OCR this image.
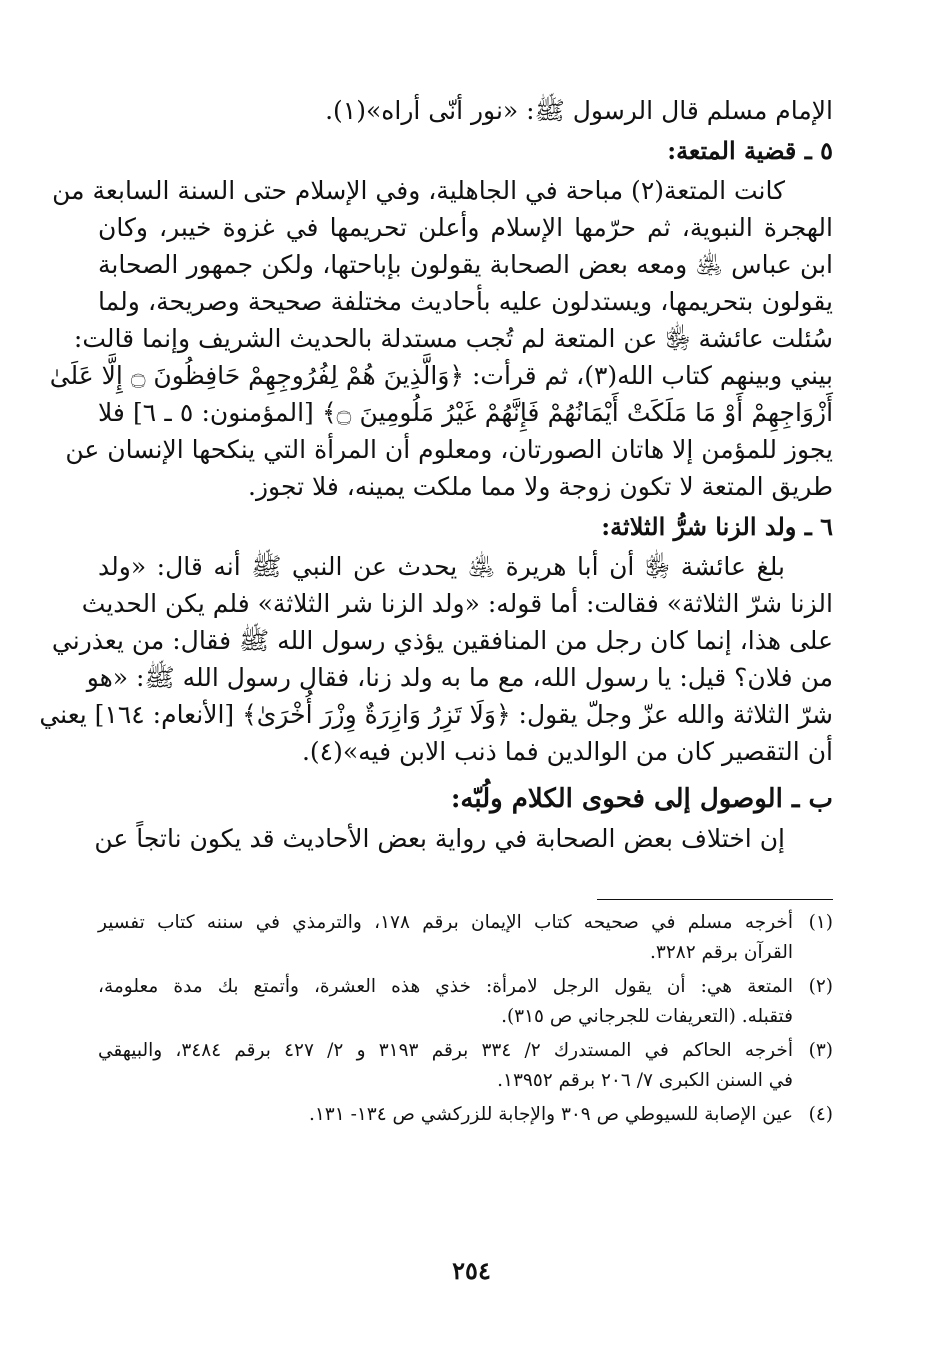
الإمام مسلم قال الرسول ﷺ: «نور أنّى أراه»(١).
٥ ـ قضية المتعة:
كانت المتعة(٢) مباحة في الجاهلية، وفي الإسلام حتى السنة السابعة من
الهجرة النبوية، ثم حرّمها الإسلام وأعلن تحريمها في غزوة خيبر، وكان
ابن عباس ﵁ ومعه بعض الصحابة يقولون بإباحتها، ولكن جمهور الصحابة
يقولون بتحريمها، ويستدلون عليه بأحاديث مختلفة صحيحة وصريحة، ولما
سُئلت عائشة ﵂ عن المتعة لم تُجب مستدلة بالحديث الشريف وإنما قالت:
بيني وبينهم كتاب الله(٣)، ثم قرأت: ﴿وَالَّذِينَ هُمْ لِفُرُوجِهِمْ حَافِظُونَ ۝ إِلَّا عَلَىٰ
أَزْوَاجِهِمْ أَوْ مَا مَلَكَتْ أَيْمَانُهُمْ فَإِنَّهُمْ غَيْرُ مَلُومِينَ ۝﴾ [المؤمنون: ٥ ـ ٦] فلا
يجوز للمؤمن إلا هاتان الصورتان، ومعلوم أن المرأة التي ينكحها الإنسان عن
طريق المتعة لا تكون زوجة ولا مما ملكت يمينه، فلا تجوز.
٦ ـ ولد الزنا شرُّ الثلاثة:
بلغ عائشة ﵂ أن أبا هريرة ﵁ يحدث عن النبي ﷺ أنه قال: «ولد
الزنا شرّ الثلاثة» فقالت: أما قوله: «ولد الزنا شر الثلاثة» فلم يكن الحديث
على هذا، إنما كان رجل من المنافقين يؤذي رسول الله ﷺ فقال: من يعذرني
من فلان؟ قيل: يا رسول الله، مع ما به ولد زنا، فقال رسول الله ﷺ: «هو
شرّ الثلاثة والله عزّ وجلّ يقول: ﴿وَلَا تَزِرُ وَازِرَةٌ وِزْرَ أُخْرَىٰ﴾ [الأنعام: ١٦٤] يعني
أن التقصير كان من الوالدين فما ذنب الابن فيه»(٤).
ب ـ الوصول إلى فحوى الكلام ولُبّه:
إن اختلاف بعض الصحابة في رواية بعض الأحاديث قد يكون ناتجاً عن
(١)
أخرجه مسلم في صحيحه كتاب الإيمان برقم ١٧٨، والترمذي في سننه كتاب تفسير
القرآن برقم ٣٢٨٢.
(٢)
المتعة هي: أن يقول الرجل لامرأة: خذي هذه العشرة، وأتمتع بك مدة معلومة،
فتقبله. (التعريفات للجرجاني ص ٣١٥).
(٣)
أخرجه الحاكم في المستدرك ٢/ ٣٣٤ برقم ٣١٩٣ و ٢/ ٤٢٧ برقم ٣٤٨٤، والبيهقي
في السنن الكبرى ٧/ ٢٠٦ برقم ١٣٩٥٢.
(٤)
عين الإصابة للسيوطي ص ٣٠٩ والإجابة للزركشي ص ١٣٤- ١٣١.
٢٥٤
